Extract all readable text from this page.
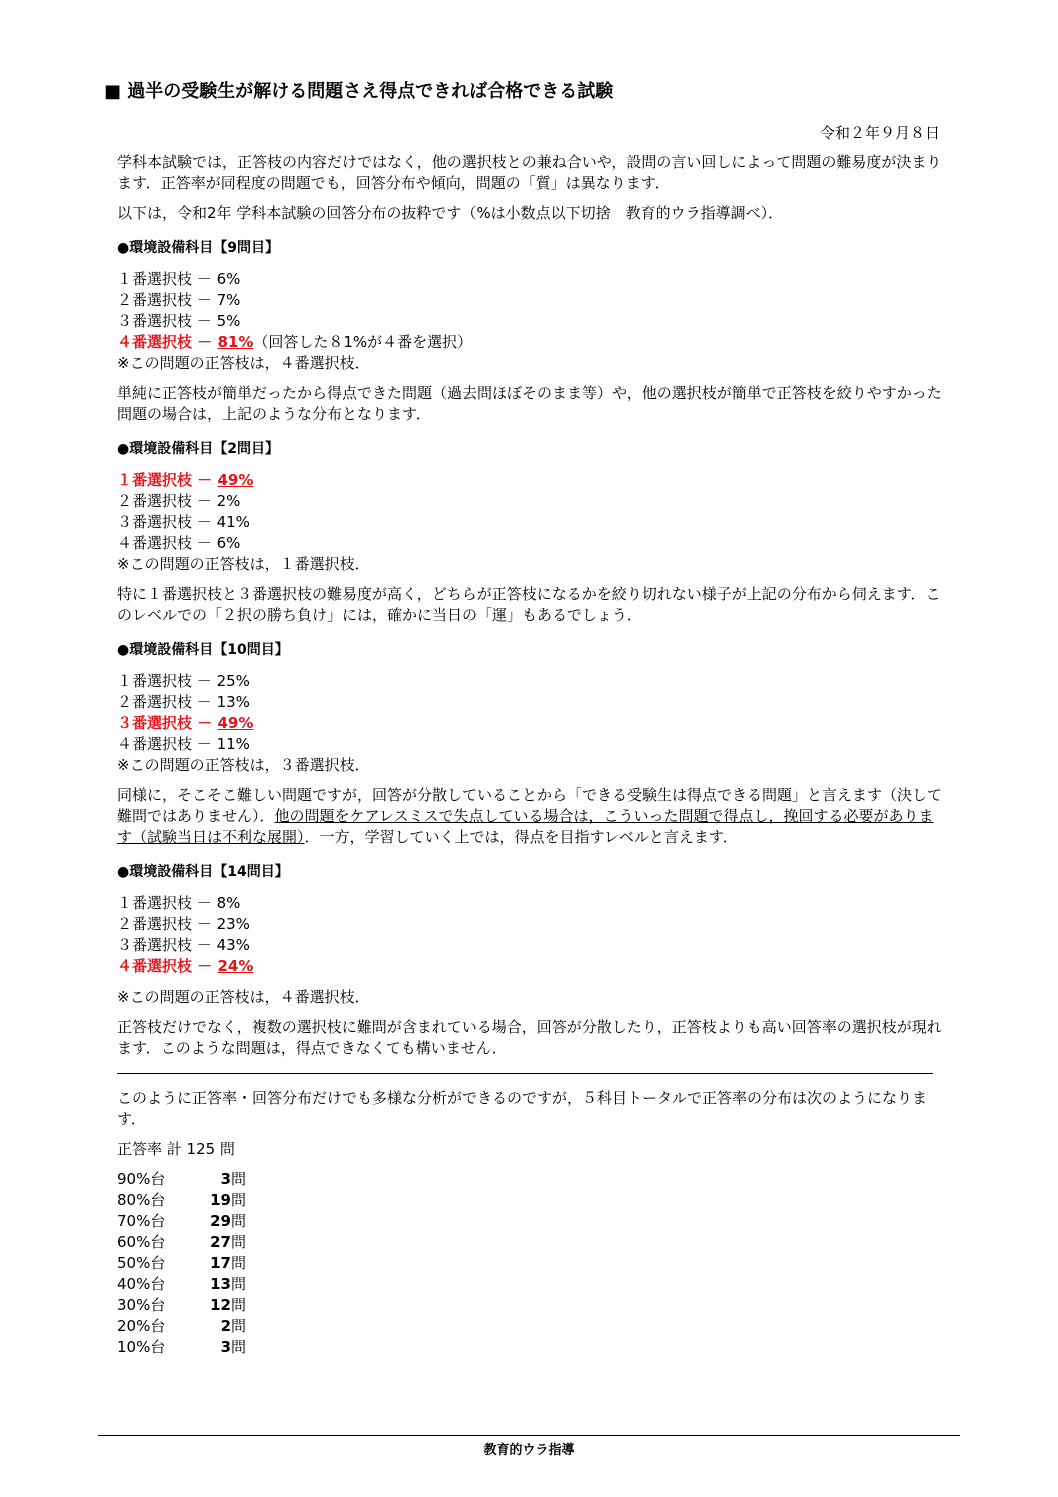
■ 過半の受験生が解ける問題さえ得点できれば合格できる試験
令和２年９月８日

学科本試験では，正答枝の内容だけではなく，他の選択枝との兼ね合いや，設問の言い回しによって問題の難易度が決まります．正答率が同程度の問題でも，回答分布や傾向，問題の「質」は異なります．

以下は，令和2年 学科本試験の回答分布の抜粋です（%は小数点以下切捨　教育的ウラ指導調べ）．

●環境設備科目【9問目】
１番選択枝 － 6%
２番選択枝 － 7%
３番選択枝 － 5%
４番選択枝 － 81%（回答した８1%が４番を選択）
※この問題の正答枝は，４番選択枝．

単純に正答枝が簡単だったから得点できた問題（過去問ほぼそのまま等）や，他の選択枝が簡単で正答枝を絞りやすかった問題の場合は，上記のような分布となります．

●環境設備科目【2問目】
１番選択枝 － 49%
２番選択枝 － 2%
３番選択枝 － 41%
４番選択枝 － 6%
※この問題の正答枝は，１番選択枝．

特に１番選択枝と３番選択枝の難易度が高く，どちらが正答枝になるかを絞り切れない様子が上記の分布から伺えます．このレベルでの「２択の勝ち負け」には，確かに当日の「運」もあるでしょう．

●環境設備科目【10問目】
１番選択枝 － 25%
２番選択枝 － 13%
３番選択枝 － 49%
４番選択枝 － 11%
※この問題の正答枝は，３番選択枝．

同様に，そこそこ難しい問題ですが，回答が分散していることから「できる受験生は得点できる問題」と言えます（決して難問ではありません）．他の問題をケアレスミスで失点している場合は，こういった問題で得点し，挽回する必要があります（試験当日は不利な展開）．一方，学習していく上では，得点を目指すレベルと言えます．

●環境設備科目【14問目】
１番選択枝 － 8%
２番選択枝 － 23%
３番選択枝 － 43%
４番選択枝 － 24%
※この問題の正答枝は，４番選択枝．

正答枝だけでなく，複数の選択枝に難問が含まれている場合，回答が分散したり，正答枝よりも高い回答率の選択枝が現れます．このような問題は，得点できなくても構いません．

このように正答率・回答分布だけでも多様な分析ができるのですが，５科目トータルで正答率の分布は次のようになります．

正答率 計 125 問

90%台	3問
80%台	19問
70%台	29問
60%台	27問
50%台	17問
40%台	13問
30%台	12問
20%台	2問
10%台	3問
教育的ウラ指導
